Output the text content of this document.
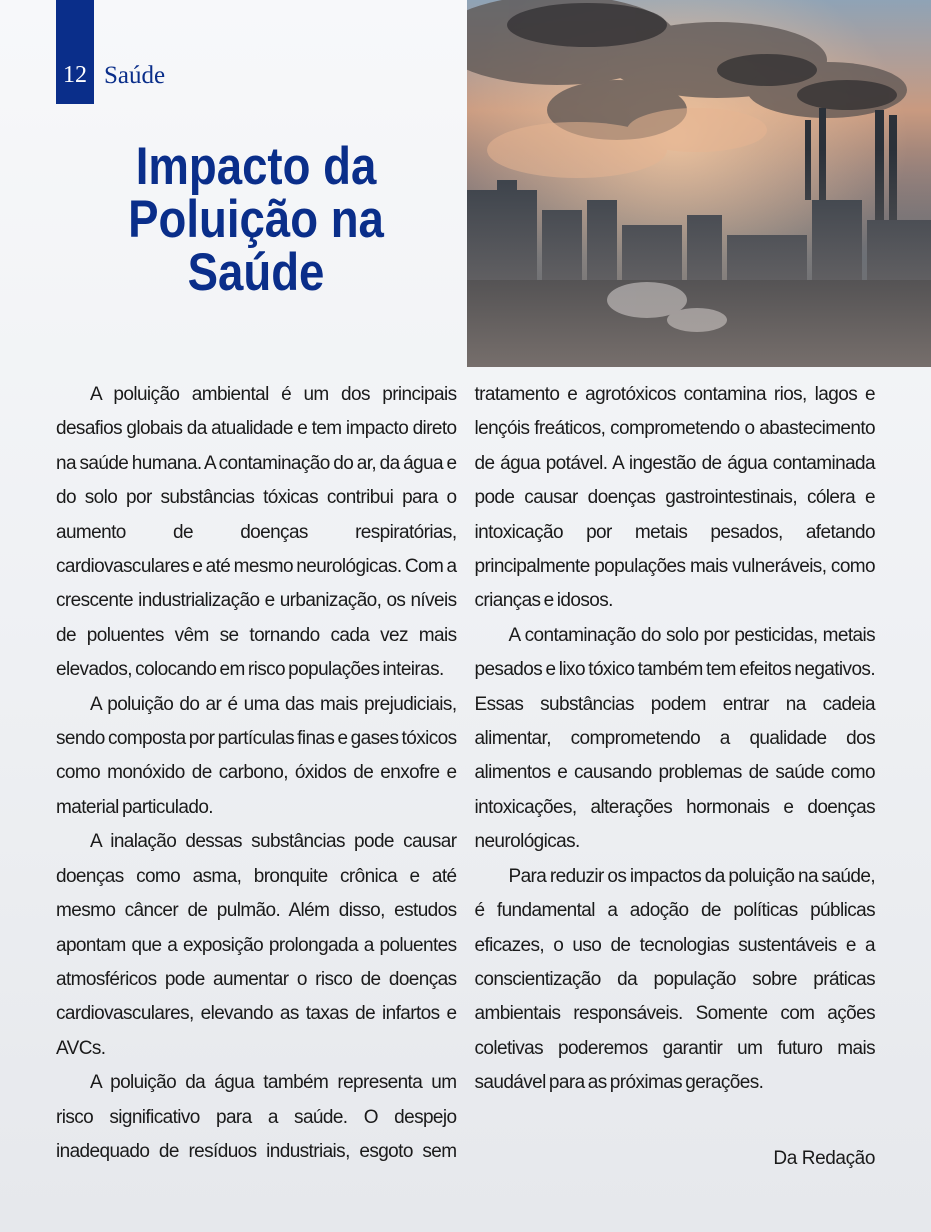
12 Saúde
Impacto da
Poluição na
Saúde

A poluição ambiental é um dos principais desafios globais da atualidade e tem impacto direto na saúde humana. A contaminação do ar, da água e do solo por substâncias tóxicas contribui para o aumento de doenças respiratórias, cardiovasculares e até mesmo neurológicas. Com a crescente industrialização e urbanização, os níveis de poluentes vêm se tornando cada vez mais elevados, colocando em risco populações inteiras.

A poluição do ar é uma das mais prejudiciais, sendo composta por partículas finas e gases tóxicos como monóxido de carbono, óxidos de enxofre e material particulado.

A inalação dessas substâncias pode causar doenças como asma, bronquite crônica e até mesmo câncer de pulmão. Além disso, estudos apontam que a exposição prolongada a poluentes atmosféricos pode aumentar o risco de doenças cardiovasculares, elevando as taxas de infartos e AVCs.

A poluição da água também representa um risco significativo para a saúde. O despejo inadequado de resíduos industriais, esgoto sem tratamento e agrotóxicos contamina rios, lagos e lençóis freáticos, comprometendo o abastecimento de água potável. A ingestão de água contaminada pode causar doenças gastrointestinais, cólera e intoxicação por metais pesados, afetando principalmente populações mais vulneráveis, como crianças e idosos.

A contaminação do solo por pesticidas, metais pesados e lixo tóxico também tem efeitos negativos. Essas substâncias podem entrar na cadeia alimentar, comprometendo a qualidade dos alimentos e causando problemas de saúde como intoxicações, alterações hormonais e doenças neurológicas.

Para reduzir os impactos da poluição na saúde, é fundamental a adoção de políticas públicas eficazes, o uso de tecnologias sustentáveis e a conscientização da população sobre práticas ambientais responsáveis. Somente com ações coletivas poderemos garantir um futuro mais saudável para as próximas gerações.

Da Redação
